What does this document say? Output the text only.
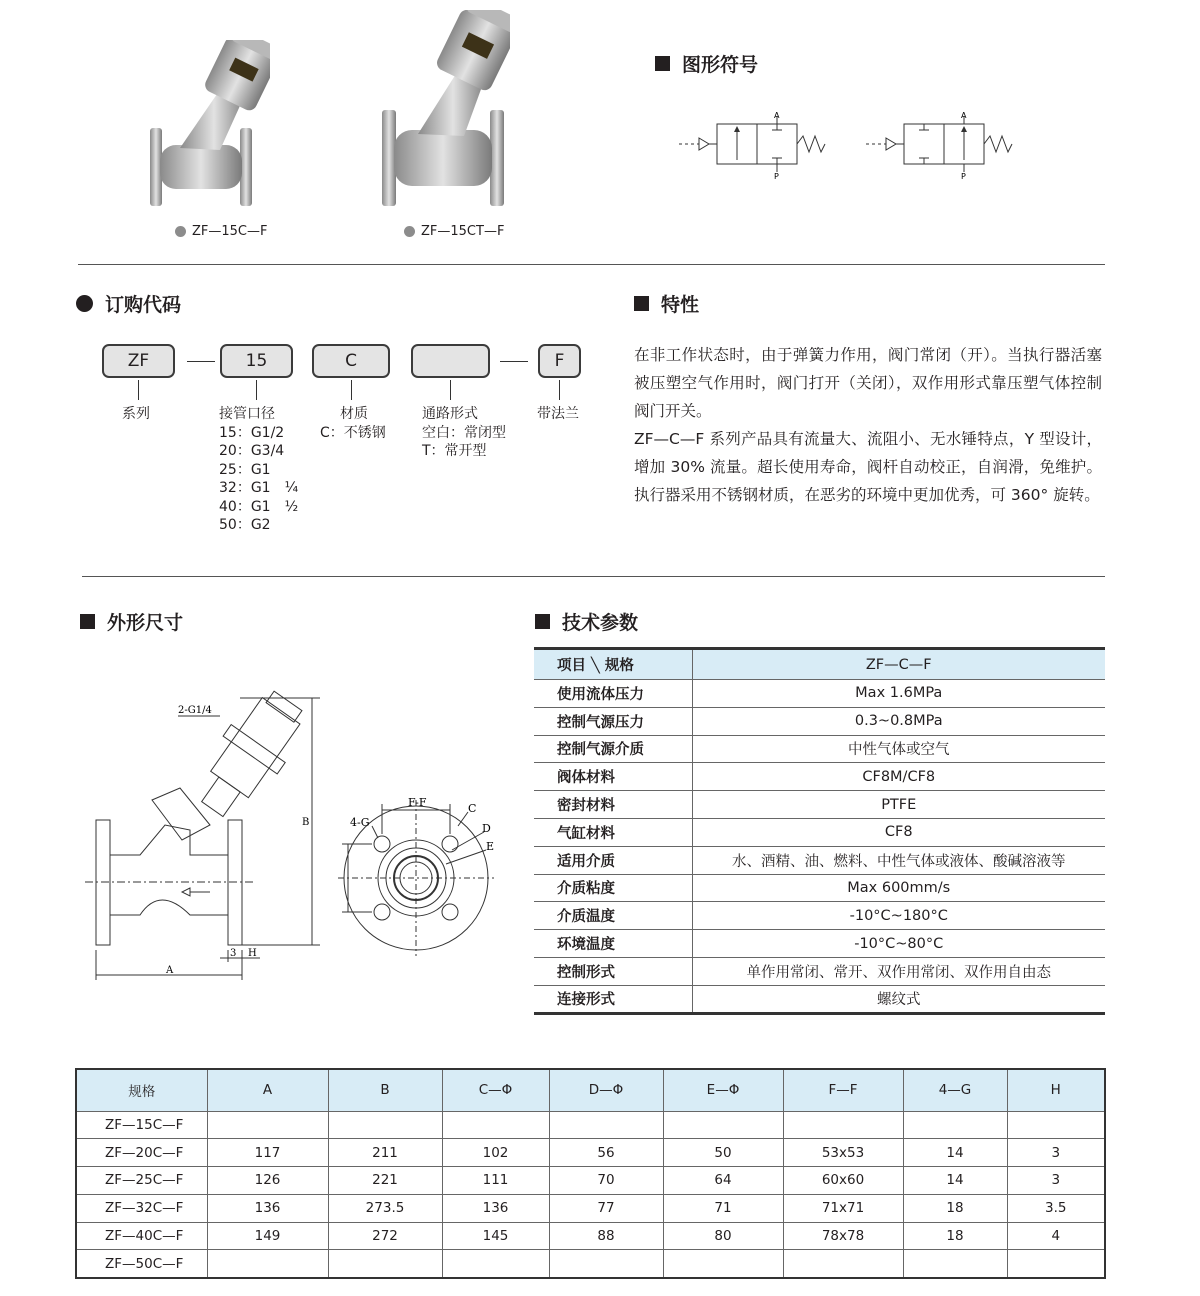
ZF—15C—F	ZF—15CT—F
图形符号
A
P
A
P
订购代码
ZF	15	C	F
系列	接管口径
15：G1/2
20：G3/4
25：G1
32：G1　¼
40：G1　½
50：G2
材质
C：不锈钢
通路形式
空白：常闭型
T：常开型
带法兰
特性

在非工作状态时，由于弹簧力作用，阀门常闭（开）。当执行器活塞被压塑空气作用时，阀门打开（关闭），双作用形式靠压塑气体控制阀门开关。

ZF—C—F 系列产品具有流量大、流阻小、无水锤特点，Y 型设计，增加 30% 流量。超长使用寿命，阀杆自动校正，自润滑，免维护。执行器采用不锈钢材质，在恶劣的环境中更加优秀，可 360° 旋转。

外形尺寸
2-G1/4
B
A
3 H
F-F
4-G
C
D
E
技术参数
项目 ╲ 规格	ZF—C—F
使用流体压力	Max 1.6MPa
控制气源压力	0.3~0.8MPa
控制气源介质	中性气体或空气
阀体材料	CF8M/CF8
密封材料	PTFE
气缸材料	CF8
适用介质	水、酒精、油、燃料、中性气体或液体、酸碱溶液等
介质粘度	Max 600mm/s
介质温度	-10°C~180°C
环境温度	-10°C~80°C
控制形式	单作用常闭、常开、双作用常闭、双作用自由态
连接形式	螺纹式
规格	A	B	C—Φ	D—Φ	E—Φ	F—F	4—G	H
ZF—15C—F								
ZF—20C—F	117	211	102	56	50	53x53	14	3
ZF—25C—F	126	221	111	70	64	60x60	14	3
ZF—32C—F	136	273.5	136	77	71	71x71	18	3.5
ZF—40C—F	149	272	145	88	80	78x78	18	4
ZF—50C—F								
